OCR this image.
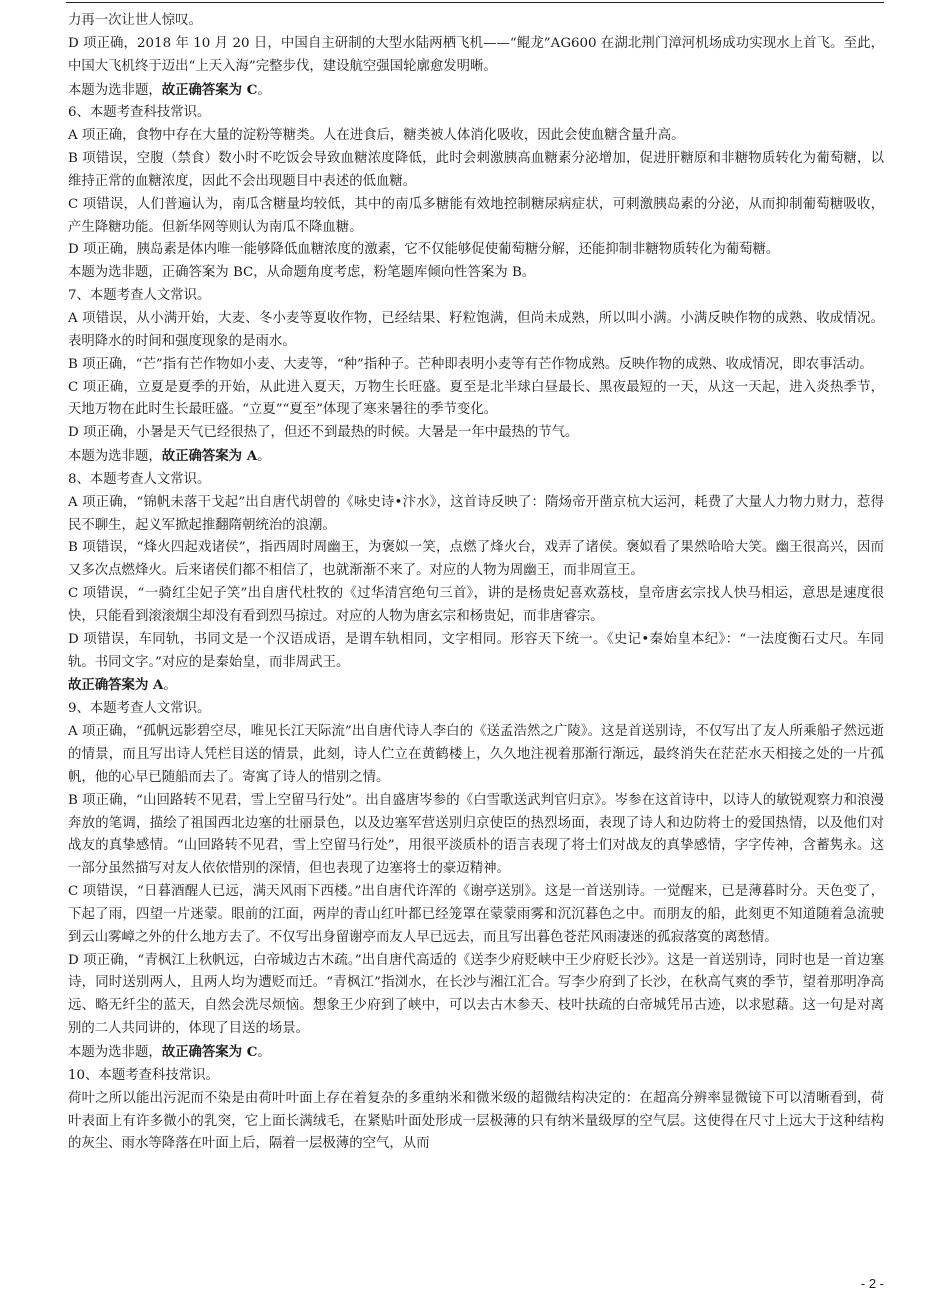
力再一次让世人惊叹。

D 项正确，2018 年 10 月 20 日，中国自主研制的大型水陆两栖飞机——“鲲龙”AG600 在湖北荆门漳河机场成功实现水上首飞。至此，中国大飞机终于迈出“上天入海”完整步伐，建设航空强国轮廓愈发明晰。

本题为选非题，故正确答案为 C。

6、本题考查科技常识。

A 项正确，食物中存在大量的淀粉等糖类。人在进食后，糖类被人体消化吸收，因此会使血糖含量升高。

B 项错误，空腹（禁食）数小时不吃饭会导致血糖浓度降低，此时会刺激胰高血糖素分泌增加，促进肝糖原和非糖物质转化为葡萄糖，以维持正常的血糖浓度，因此不会出现题目中表述的低血糖。

C 项错误，人们普遍认为，南瓜含糖量均较低，其中的南瓜多糖能有效地控制糖尿病症状，可刺激胰岛素的分泌，从而抑制葡萄糖吸收，产生降糖功能。但新华网等则认为南瓜不降血糖。

D 项正确，胰岛素是体内唯一能够降低血糖浓度的激素，它不仅能够促使葡萄糖分解，还能抑制非糖物质转化为葡萄糖。

本题为选非题，正确答案为 BC，从命题角度考虑，粉笔题库倾向性答案为 B。

7、本题考查人文常识。

A 项错误，从小满开始，大麦、冬小麦等夏收作物，已经结果、籽粒饱满，但尚未成熟，所以叫小满。小满反映作物的成熟、收成情况。表明降水的时间和强度现象的是雨水。

B 项正确，“芒”指有芒作物如小麦、大麦等，“种”指种子。芒种即表明小麦等有芒作物成熟。反映作物的成熟、收成情况，即农事活动。

C 项正确，立夏是夏季的开始，从此进入夏天，万物生长旺盛。夏至是北半球白昼最长、黑夜最短的一天，从这一天起，进入炎热季节，天地万物在此时生长最旺盛。“立夏”“夏至”体现了寒来暑往的季节变化。

D 项正确，小暑是天气已经很热了，但还不到最热的时候。大暑是一年中最热的节气。

本题为选非题，故正确答案为 A。

8、本题考查人文常识。

A 项正确，“锦帆未落干戈起”出自唐代胡曾的《咏史诗•汴水》，这首诗反映了：隋炀帝开凿京杭大运河，耗费了大量人力物力财力，惹得民不聊生，起义军掀起推翻隋朝统治的浪潮。

B 项错误，“烽火四起戏诸侯”，指西周时周幽王，为褒姒一笑，点燃了烽火台，戏弄了诸侯。褒姒看了果然哈哈大笑。幽王很高兴，因而又多次点燃烽火。后来诸侯们都不相信了，也就渐渐不来了。对应的人物为周幽王，而非周宣王。

C 项错误，“一骑红尘妃子笑”出自唐代杜牧的《过华清宫绝句三首》，讲的是杨贵妃喜欢荔枝，皇帝唐玄宗找人快马相运，意思是速度很快，只能看到滚滚烟尘却没有看到烈马掠过。对应的人物为唐玄宗和杨贵妃，而非唐睿宗。

D 项错误，车同轨，书同文是一个汉语成语，是谓车轨相同，文字相同。形容天下统一。《史记•秦始皇本纪》：“一法度衡石丈尺。车同轨。书同文字。”对应的是秦始皇，而非周武王。

故正确答案为 A。

9、本题考查人文常识。

A 项正确，“孤帆远影碧空尽，唯见长江天际流”出自唐代诗人李白的《送孟浩然之广陵》。这是首送别诗，不仅写出了友人所乘船孑然远逝的情景，而且写出诗人凭栏目送的情景，此刻，诗人伫立在黄鹤楼上，久久地注视着那渐行渐远，最终消失在茫茫水天相接之处的一片孤帆，他的心早已随船而去了。寄寓了诗人的惜别之情。

B 项正确，“山回路转不见君，雪上空留马行处”。出自盛唐岑参的《白雪歌送武判官归京》。岑参在这首诗中，以诗人的敏锐观察力和浪漫奔放的笔调，描绘了祖国西北边塞的壮丽景色，以及边塞军营送别归京使臣的热烈场面，表现了诗人和边防将士的爱国热情，以及他们对战友的真挚感情。“山回路转不见君，雪上空留马行处”，用很平淡质朴的语言表现了将士们对战友的真挚感情，字字传神，含蓄隽永。这一部分虽然描写对友人依依惜别的深情，但也表现了边塞将士的豪迈精神。

C 项错误，“日暮酒醒人已远，满天风雨下西楼。”出自唐代许浑的《谢亭送别》。这是一首送别诗。一觉醒来，已是薄暮时分。天色变了，下起了雨，四望一片迷蒙。眼前的江面，两岸的青山红叶都已经笼罩在蒙蒙雨雾和沉沉暮色之中。而朋友的船，此刻更不知道随着急流驶到云山雾嶂之外的什么地方去了。不仅写出身留谢亭而友人早已远去，而且写出暮色苍茫风雨凄迷的孤寂落寞的离愁情。

D 项正确，“青枫江上秋帆远，白帝城边古木疏。”出自唐代高适的《送李少府贬峡中王少府贬长沙》。这是一首送别诗，同时也是一首边塞诗，同时送别两人，且两人均为遭贬而迁。“青枫江”指浏水，在长沙与湘江汇合。写李少府到了长沙，在秋高气爽的季节，望着那明净高远、略无纤尘的蓝天，自然会洗尽烦恼。想象王少府到了峡中，可以去古木参天、枝叶扶疏的白帝城凭吊古迹，以求慰藉。这一句是对离别的二人共同讲的，体现了目送的场景。

本题为选非题，故正确答案为 C。

10、本题考查科技常识。

荷叶之所以能出污泥而不染是由荷叶叶面上存在着复杂的多重纳米和微米级的超微结构决定的：在超高分辨率显微镜下可以清晰看到，荷叶表面上有许多微小的乳突，它上面长满绒毛，在紧贴叶面处形成一层极薄的只有纳米量级厚的空气层。这使得在尺寸上远大于这种结构的灰尘、雨水等降落在叶面上后，隔着一层极薄的空气，从而

- 2 -
